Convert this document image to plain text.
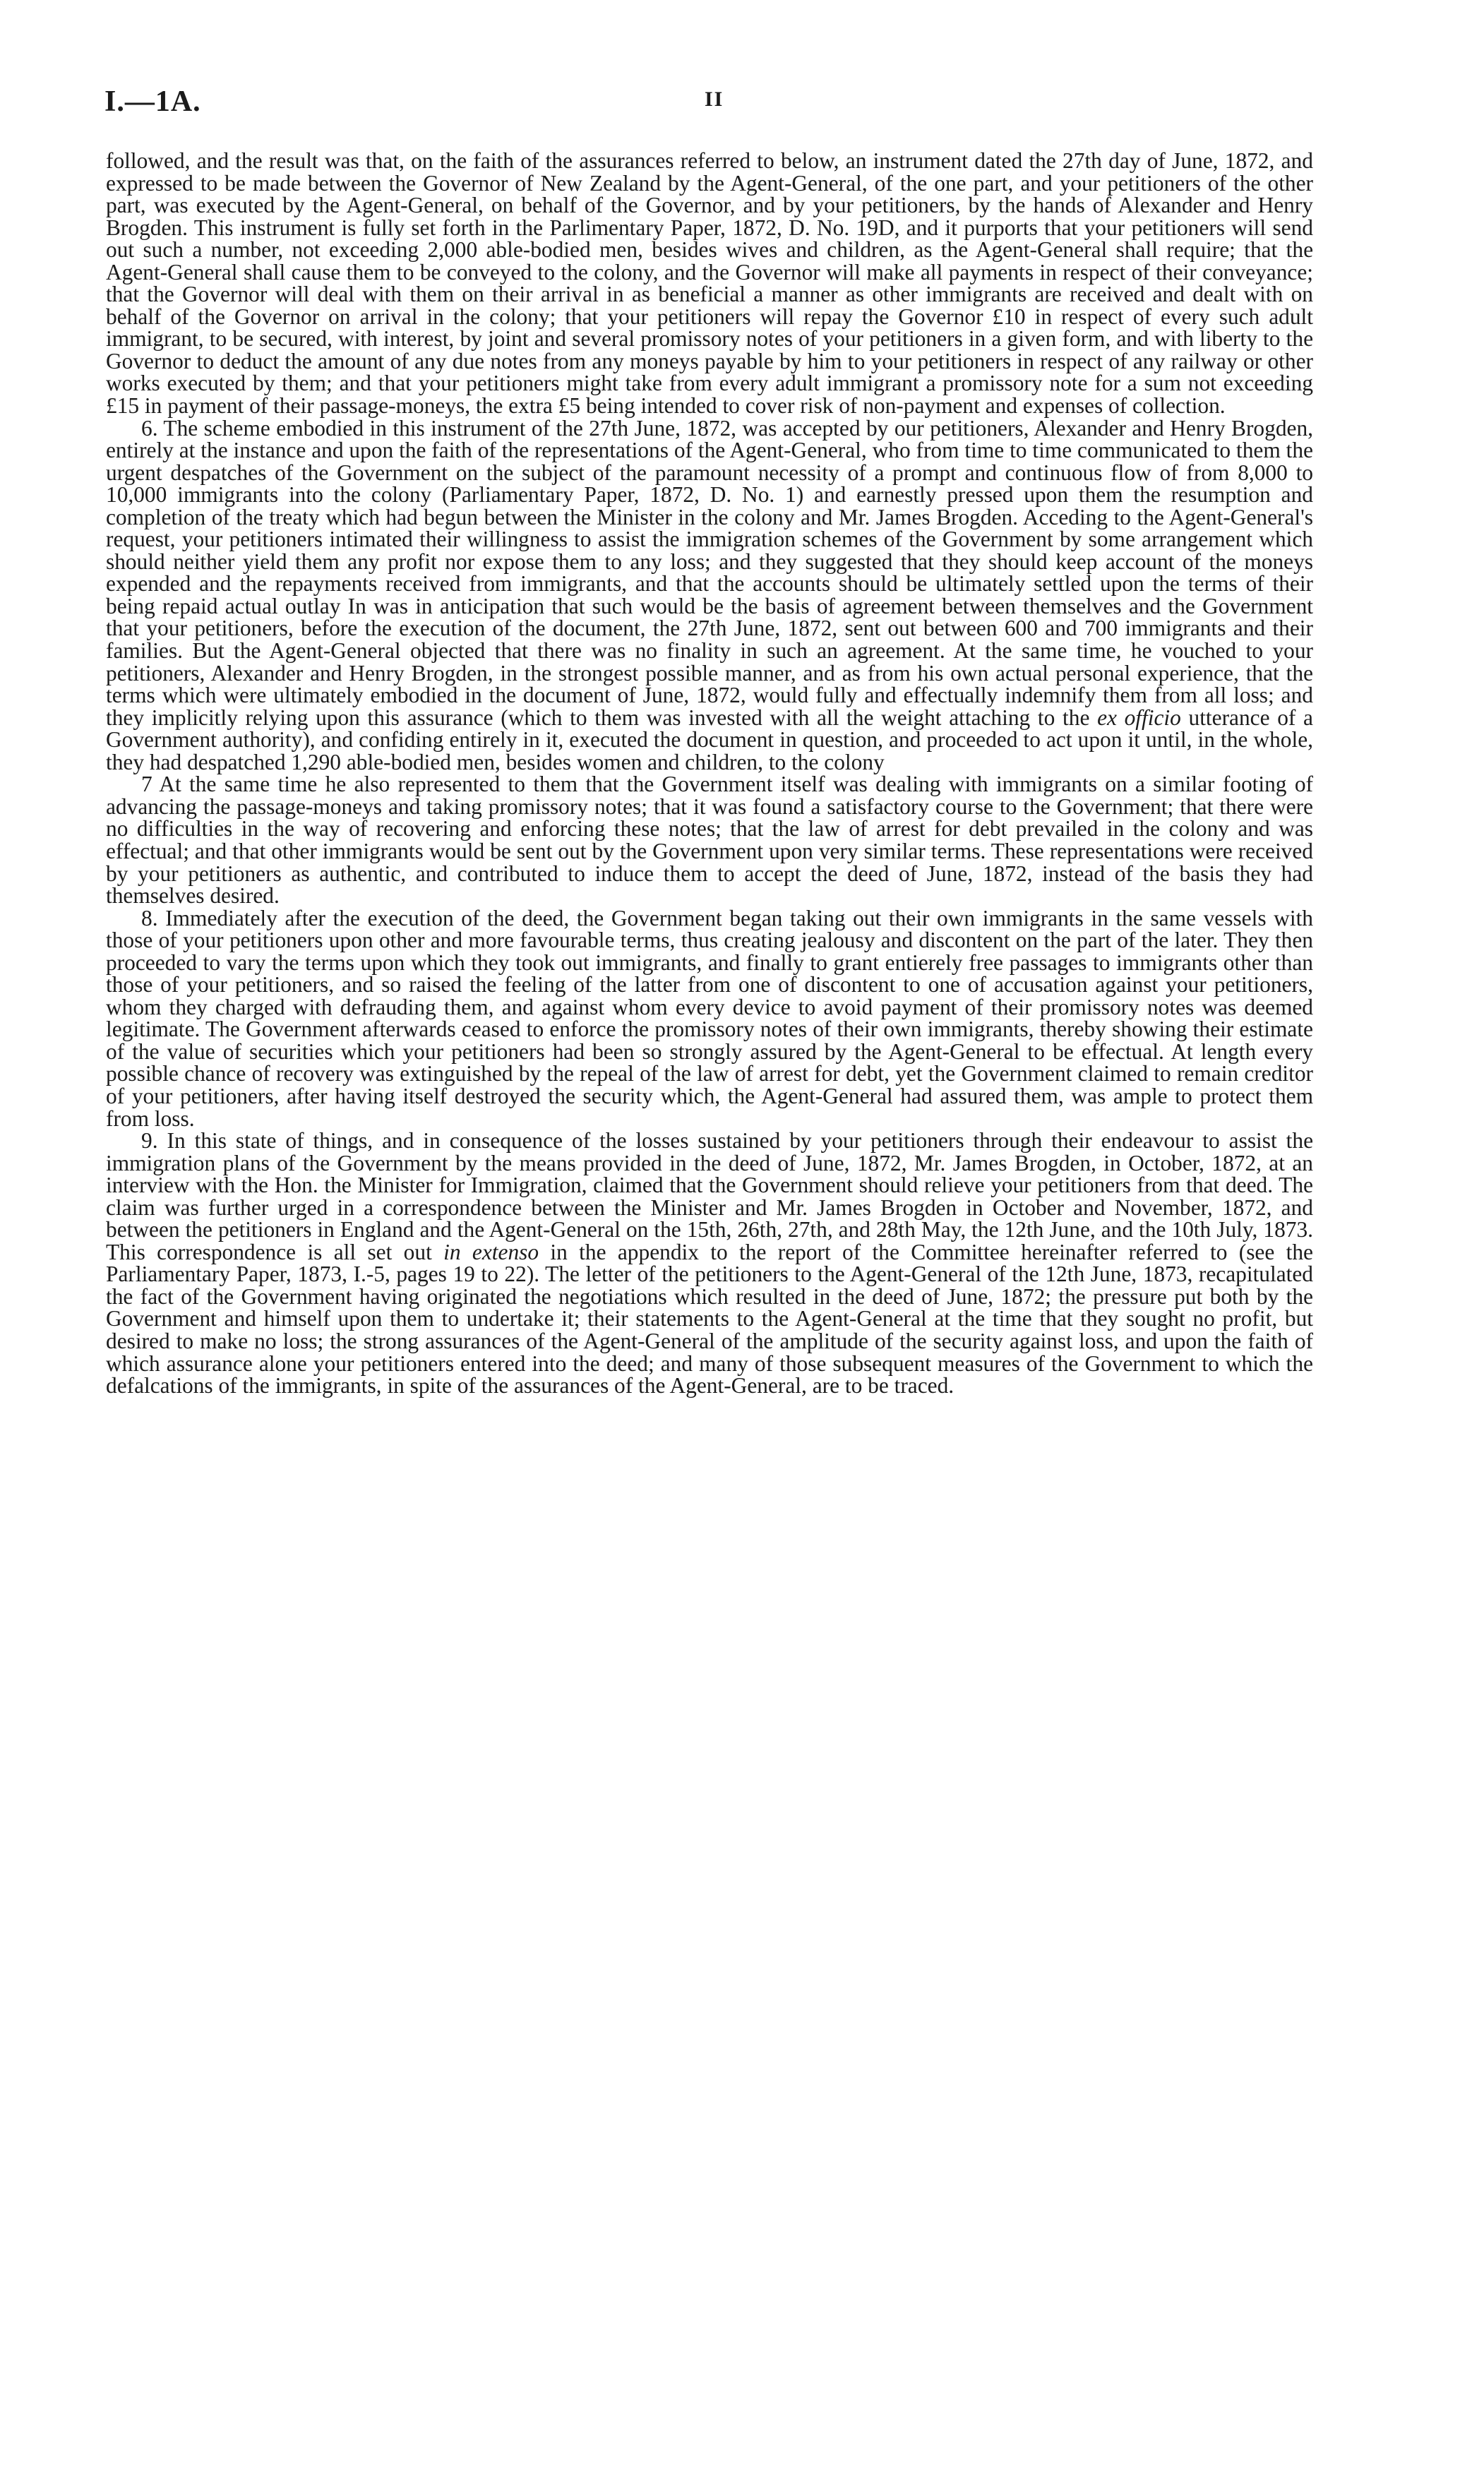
I.—1A.	II

followed, and the result was that, on the faith of the assurances referred to below, an instrument dated the 27th day of June, 1872, and expressed to be made between the Governor of New Zealand by the Agent-General, of the one part, and your petitioners of the other part, was executed by the Agent-General, on behalf of the Governor, and by your petitioners, by the hands of Alexander and Henry Brogden. This instrument is fully set forth in the Parlimentary Paper, 1872, D. No. 19D, and it purports that your petitioners will send out such a number, not exceeding 2,000 able-bodied men, besides wives and children, as the Agent-General shall require; that the Agent-General shall cause them to be conveyed to the colony, and the Governor will make all payments in respect of their conveyance; that the Governor will deal with them on their arrival in as beneficial a manner as other immigrants are received and dealt with on behalf of the Governor on arrival in the colony; that your petitioners will repay the Governor £10 in respect of every such adult immigrant, to be secured, with interest, by joint and several promissory notes of your petitioners in a given form, and with liberty to the Governor to deduct the amount of any due notes from any moneys payable by him to your petitioners in respect of any railway or other works executed by them; and that your petitioners might take from every adult immigrant a promissory note for a sum not exceeding £15 in payment of their passage-moneys, the extra £5 being intended to cover risk of non-payment and expenses of collection.

6. The scheme embodied in this instrument of the 27th June, 1872, was accepted by our petitioners, Alexander and Henry Brogden, entirely at the instance and upon the faith of the representations of the Agent-General, who from time to time communicated to them the urgent despatches of the Government on the subject of the paramount necessity of a prompt and continuous flow of from 8,000 to 10,000 immigrants into the colony (Parliamentary Paper, 1872, D. No. 1) and earnestly pressed upon them the resumption and completion of the treaty which had begun between the Minister in the colony and Mr. James Brogden. Acceding to the Agent-General's request, your petitioners intimated their willingness to assist the immigration schemes of the Government by some arrangement which should neither yield them any profit nor expose them to any loss; and they suggested that they should keep account of the moneys expended and the repayments received from immigrants, and that the accounts should be ultimately settled upon the terms of their being repaid actual outlay In was in anticipation that such would be the basis of agreement between themselves and the Government that your petitioners, before the execution of the document, the 27th June, 1872, sent out between 600 and 700 immigrants and their families. But the Agent-General objected that there was no finality in such an agreement. At the same time, he vouched to your petitioners, Alexander and Henry Brogden, in the strongest possible manner, and as from his own actual personal experience, that the terms which were ultimately embodied in the document of June, 1872, would fully and effectually indemnify them from all loss; and they implicitly relying upon this assurance (which to them was invested with all the weight attaching to the ex officio utterance of a Government authority), and confiding entirely in it, executed the document in question, and proceeded to act upon it until, in the whole, they had despatched 1,290 able-bodied men, besides women and children, to the colony

7 At the same time he also represented to them that the Government itself was dealing with immigrants on a similar footing of advancing the passage-moneys and taking promissory notes; that it was found a satisfactory course to the Government; that there were no difficulties in the way of recovering and enforcing these notes; that the law of arrest for debt prevailed in the colony and was effectual; and that other immigrants would be sent out by the Government upon very similar terms. These representations were received by your petitioners as authentic, and contributed to induce them to accept the deed of June, 1872, instead of the basis they had themselves desired.

8. Immediately after the execution of the deed, the Government began taking out their own immigrants in the same vessels with those of your petitioners upon other and more favourable terms, thus creating jealousy and discontent on the part of the later. They then proceeded to vary the terms upon which they took out immigrants, and finally to grant entierely free passages to immigrants other than those of your petitioners, and so raised the feeling of the latter from one of discontent to one of accusation against your petitioners, whom they charged with defrauding them, and against whom every device to avoid payment of their promissory notes was deemed legitimate. The Government afterwards ceased to enforce the promissory notes of their own immigrants, thereby showing their estimate of the value of securities which your petitioners had been so strongly assured by the Agent-General to be effectual. At length every possible chance of recovery was extinguished by the repeal of the law of arrest for debt, yet the Government claimed to remain creditor of your petitioners, after having itself destroyed the security which, the Agent-General had assured them, was ample to protect them from loss.

9. In this state of things, and in consequence of the losses sustained by your petitioners through their endeavour to assist the immigration plans of the Government by the means provided in the deed of June, 1872, Mr. James Brogden, in October, 1872, at an interview with the Hon. the Minister for Immigration, claimed that the Government should relieve your petitioners from that deed. The claim was further urged in a correspondence between the Minister and Mr. James Brogden in October and November, 1872, and between the petitioners in England and the Agent-General on the 15th, 26th, 27th, and 28th May, the 12th June, and the 10th July, 1873. This correspondence is all set out in extenso in the appendix to the report of the Committee hereinafter referred to (see the Parliamentary Paper, 1873, I.-5, pages 19 to 22). The letter of the petitioners to the Agent-General of the 12th June, 1873, recapitulated the fact of the Government having originated the negotiations which resulted in the deed of June, 1872; the pressure put both by the Government and himself upon them to undertake it; their statements to the Agent-General at the time that they sought no profit, but desired to make no loss; the strong assurances of the Agent-General of the amplitude of the security against loss, and upon the faith of which assurance alone your petitioners entered into the deed; and many of those subsequent measures of the Government to which the defalcations of the immigrants, in spite of the assurances of the Agent-General, are to be traced.
